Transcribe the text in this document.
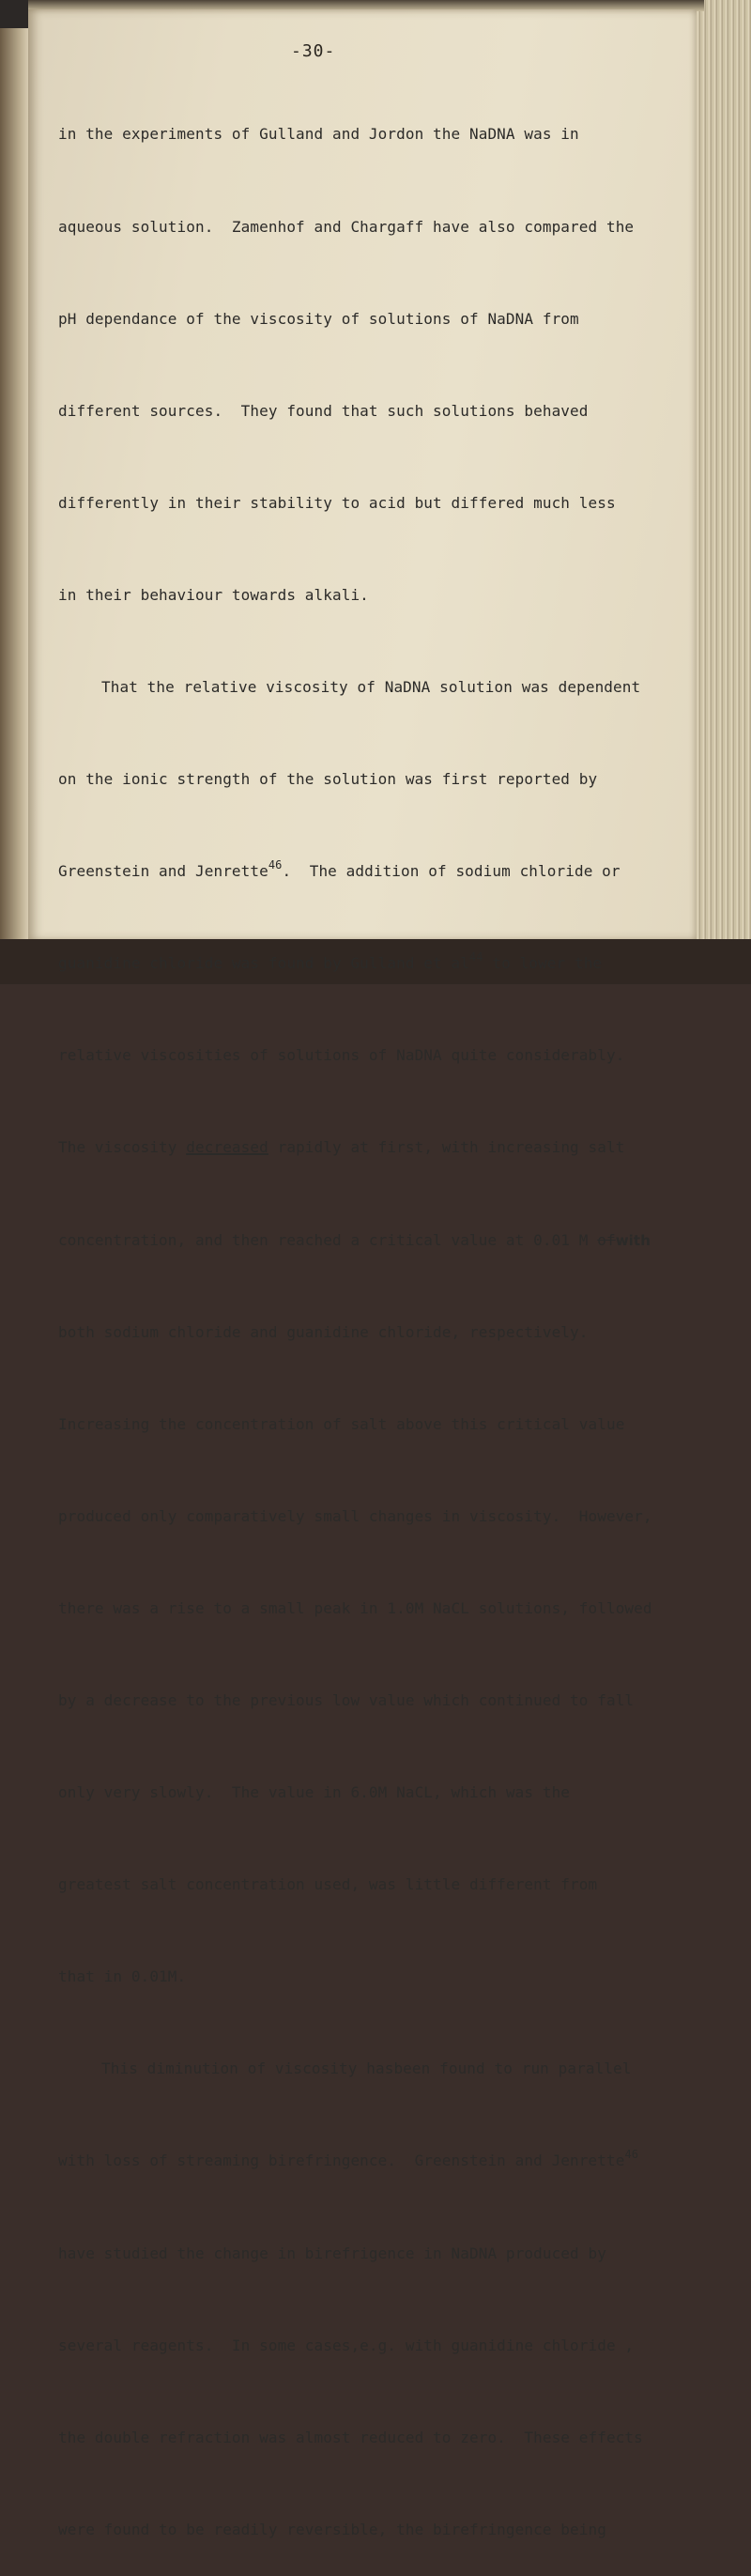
-30-

in the experiments of Gulland and Jordon the NaDNA was in

aqueous solution.  Zamenhof and Chargaff have also compared the

pH dependance of the viscosity of solutions of NaDNA from

different sources.  They found that such solutions behaved

differently in their stability to acid but differed much less

in their behaviour towards alkali.

That the relative viscosity of NaDNA solution was dependent

on the ionic strength of the solution was first reported by

Greenstein and Jenrette$^{46}$.  The addition of sodium chloride or

guanidine chloride was found by Gulland et $al^{44}$ to lower the

relative viscosities of solutions of NaDNA quite considerably.

The viscosity decreased rapidly at first, with increasing salt

concentration, and then reached a critical value at 0.01 M ofwith

both sodium chloride and guanidine chloride, respectively.

Increasing the concentration of salt above this critical value

produced only comparatively small changes in viscosity.  However,

there was a rise to a small peak in 1.0M NaCL solutions, followed

by a decrease to the previous low value which continued to fall

only very slowly.  The value in 6.0M NaCL, which was the

greatest salt concentration used, was little different from

that in 0.01M.

This diminution of viscosity hasbeen found to run parallel

with loss of streaming birefringence.  Greenstein and Jenrette$^{46}$

have studied the change in birefrigence in NaDNA produced by

several reagents.  In some cases,e.g. with guanidine chloride ,

the double refraction was almost reduced to zero.  These effects

were found to be readily reversible, the birefringence being
